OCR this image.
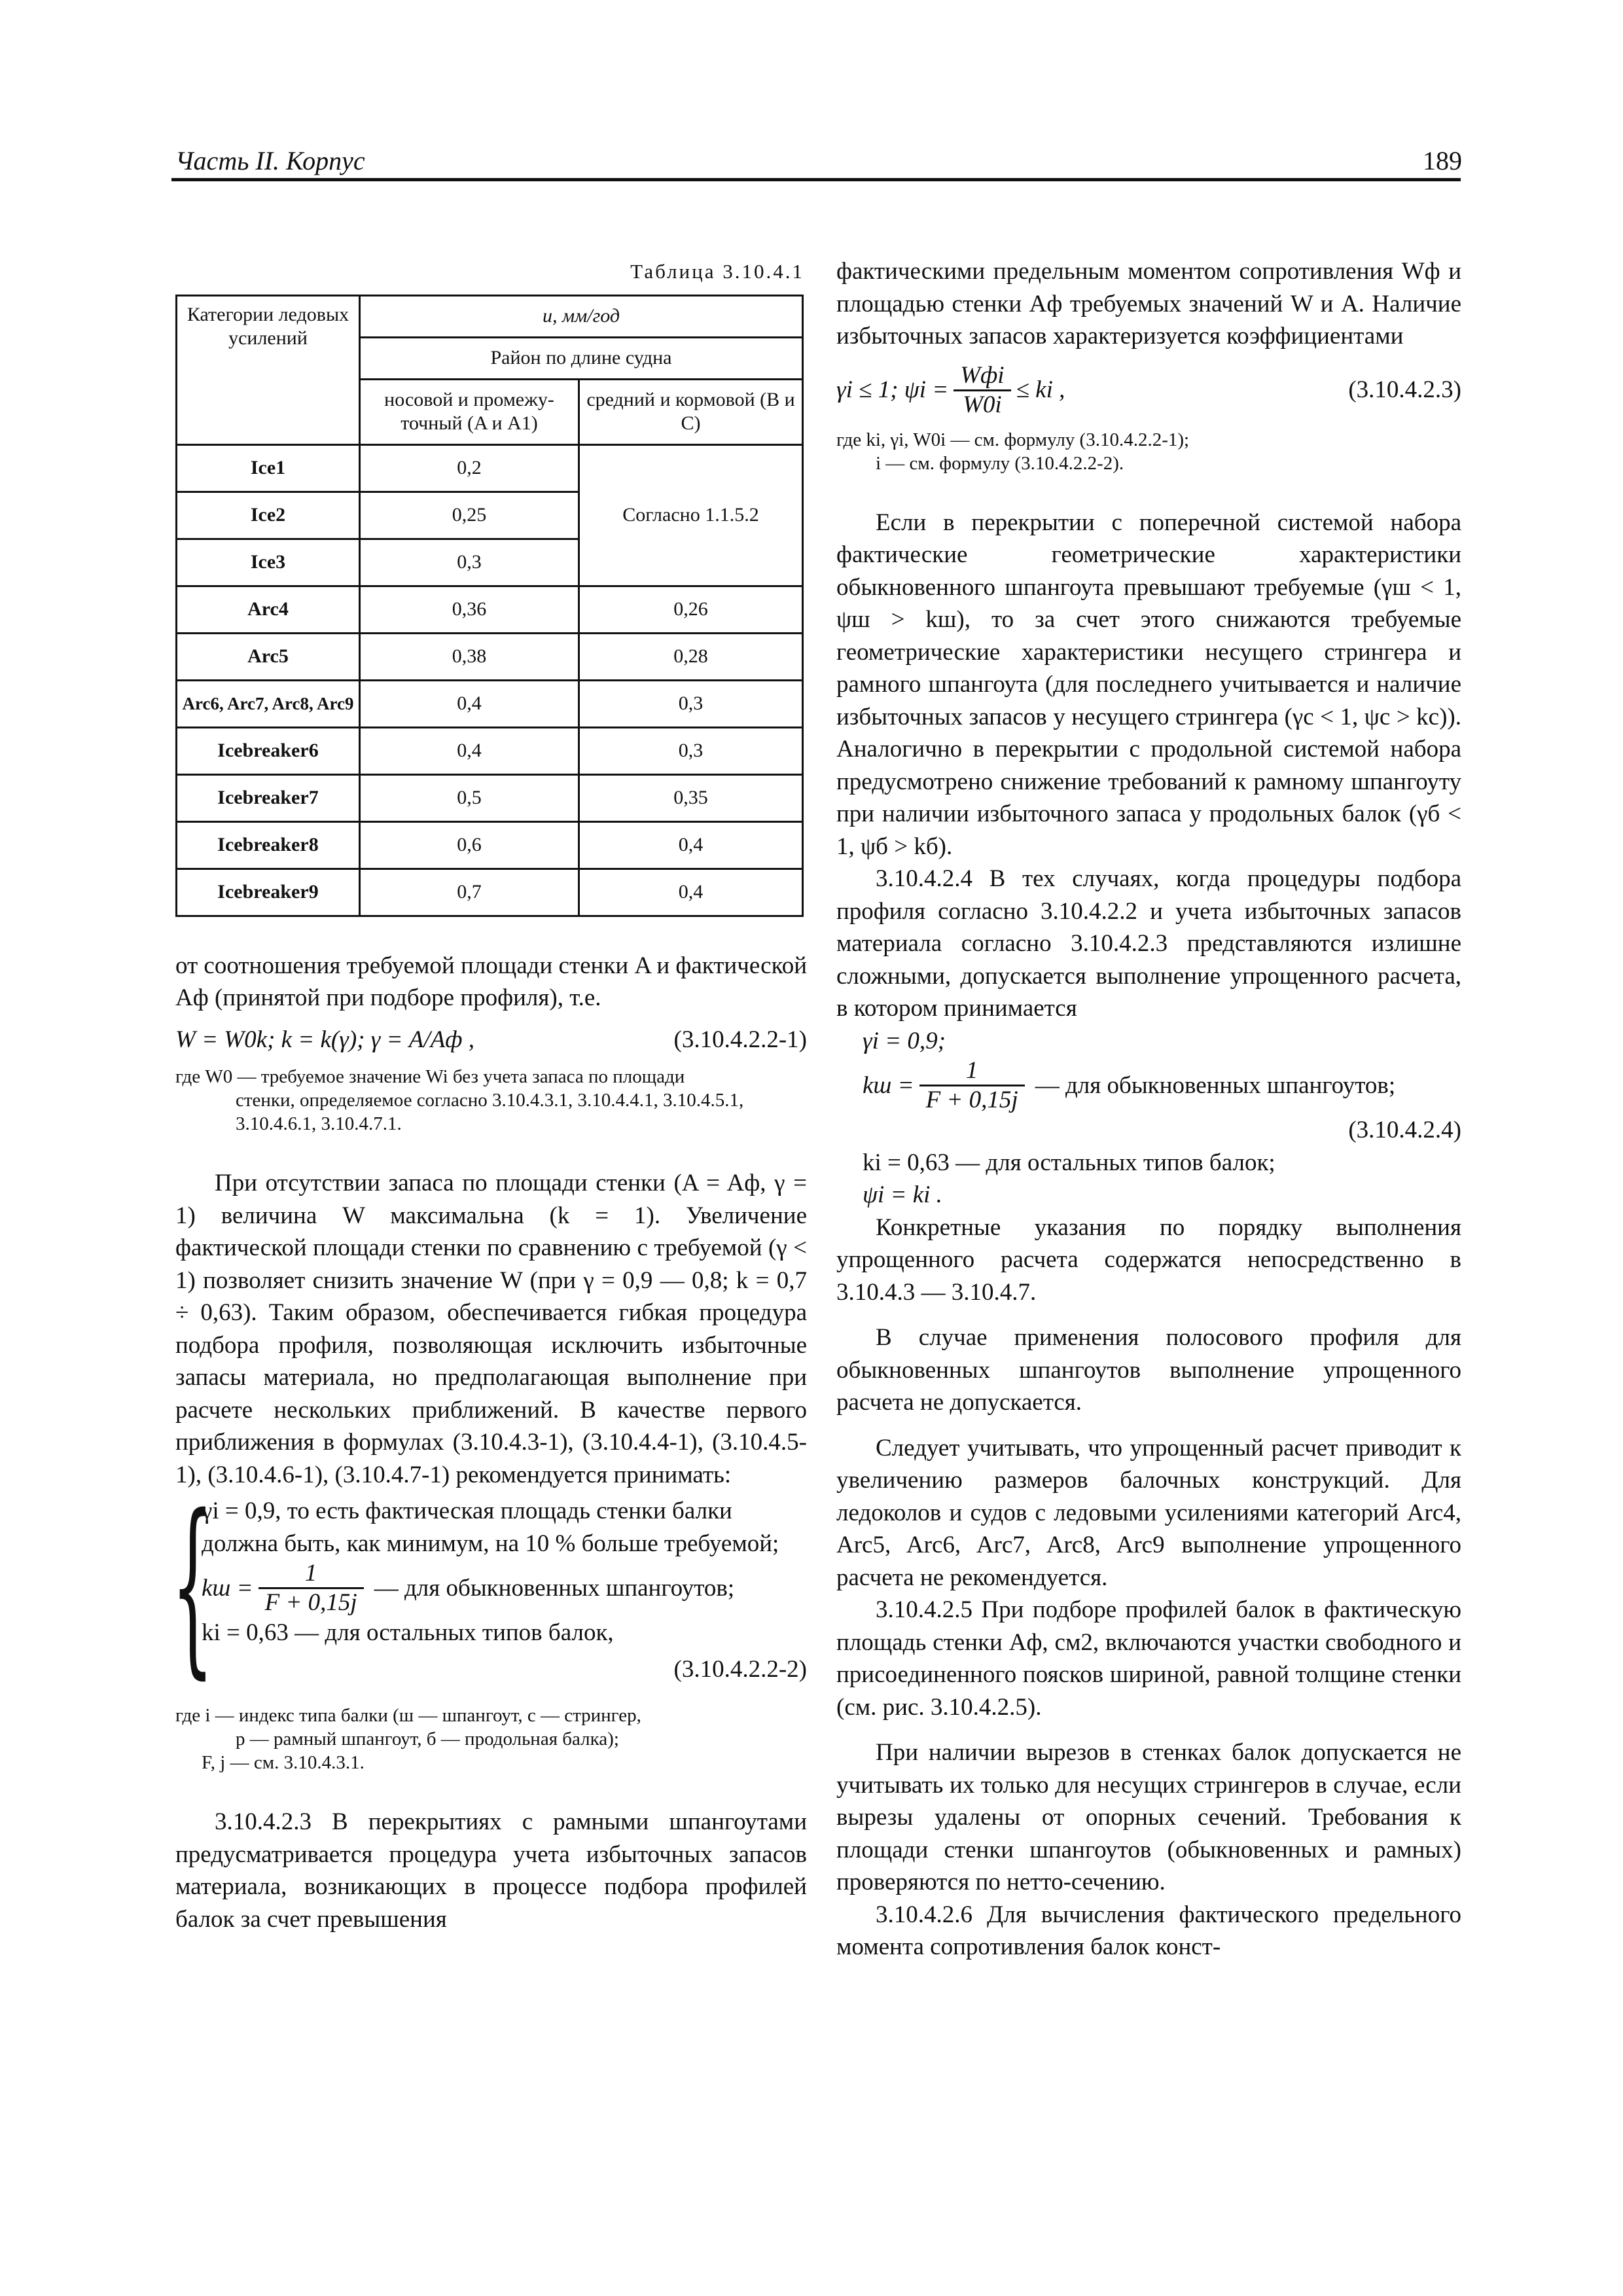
Часть II. Корпус	189

Таблица 3.10.4.1

Категории ледовых усилений	u, мм/год	
	Район по длине судна	
	носовой и промежу-точный (A и A1)	средний и кормовой (B и C)
Ice1	0,2	Согласно 1.1.5.2
Ice2	0,25	
Ice3	0,3	
Arc4	0,36	0,26
Arc5	0,38	0,28
Arc6, Arc7, Arc8, Arc9	0,4	0,3
Icebreaker6	0,4	0,3
Icebreaker7	0,5	0,35
Icebreaker8	0,6	0,4
Icebreaker9	0,7	0,4

от соотношения требуемой площади стенки A и фактической Aф (принятой при подборе профиля), т.е.

W = W0k; k = k(γ); γ = A/Aф ,	(3.10.4.2.2-1)

где W0 — требуемое значение Wi без учета запаса по площади
стенки, определяемое согласно 3.10.4.3.1, 3.10.4.4.1, 3.10.4.5.1, 3.10.4.6.1, 3.10.4.7.1.

При отсутствии запаса по площади стенки (A = Aф, γ = 1) величина W максимальна (k = 1). Увеличение фактической площади стенки по сравнению с требуемой (γ < 1) позволяет снизить значение W (при γ = 0,9 — 0,8; k = 0,7 ÷ 0,63). Таким образом, обеспечивается гибкая процедура подбора профиля, позволяющая исключить избыточные запасы материала, но предполагающая выполнение при расчете нескольких приближений. В качестве первого приближения в формулах (3.10.4.3-1), (3.10.4.4-1), (3.10.4.5-1), (3.10.4.6-1), (3.10.4.7-1) рекомендуется принимать:

{

γi = 0,9, то есть фактическая площадь стенки балки должна быть, как минимум, на 10 % больше требуемой;

kш = $\frac{1}{F + 0,15j}$ — для обыкновенных шпангоутов;

ki = 0,63 — для остальных типов балок,

(3.10.4.2.2-2)

где i — индекс типа балки (ш — шпангоут, с — стрингер,
р — рамный шпангоут, б — продольная балка);
F, j — см. 3.10.4.3.1.

3.10.4.2.3 В перекрытиях с рамными шпангоутами предусматривается процедура учета избыточных запасов материала, возникающих в процессе подбора профилей балок за счет превышения

фактическими предельным моментом сопротивления Wф и площадью стенки Aф требуемых значений W и A. Наличие избыточных запасов характеризуется коэффициентами

γi ≤ 1; $\psi i = \frac{\text{Wфi}}{W0i}$ ≤ ki ,	(3.10.4.2.3)

где ki, γi, W0i — см. формулу (3.10.4.2.2-1);
i — см. формулу (3.10.4.2.2-2).

Если в перекрытии с поперечной системой набора фактические геометрические характеристики обыкновенного шпангоута превышают требуемые (γш < 1, ψш > kш), то за счет этого снижаются требуемые геометрические характеристики несущего стрингера и рамного шпангоута (для последнего учитывается и наличие избыточных запасов у несущего стрингера (γс < 1, ψс > kс)). Аналогично в перекрытии с продольной системой набора предусмотрено снижение требований к рамному шпангоуту при наличии избыточного запаса у продольных балок (γб < 1, ψб > kб).

3.10.4.2.4 В тех случаях, когда процедуры подбора профиля согласно 3.10.4.2.2 и учета избыточных запасов материала согласно 3.10.4.2.3 представляются излишне сложными, допускается выполнение упрощенного расчета, в котором принимается

γi = 0,9;

kш = $\frac{1}{F + 0,15j}$ — для обыкновенных шпангоутов;

(3.10.4.2.4)

ki = 0,63 — для остальных типов балок;

ψi = ki .

Конкретные указания по порядку выполнения упрощенного расчета содержатся непосредственно в 3.10.4.3 — 3.10.4.7.

В случае применения полосового профиля для обыкновенных шпангоутов выполнение упрощенного расчета не допускается.

Следует учитывать, что упрощенный расчет приводит к увеличению размеров балочных конструкций. Для ледоколов и судов с ледовыми усилениями категорий Arc4, Arc5, Arc6, Arc7, Arc8, Arc9 выполнение упрощенного расчета не рекомендуется.

3.10.4.2.5 При подборе профилей балок в фактическую площадь стенки Aф, см2, включаются участки свободного и присоединенного поясков шириной, равной толщине стенки (см. рис. 3.10.4.2.5).

При наличии вырезов в стенках балок допускается не учитывать их только для несущих стрингеров в случае, если вырезы удалены от опорных сечений. Требования к площади стенки шпангоутов (обыкновенных и рамных) проверяются по нетто-сечению.

3.10.4.2.6 Для вычисления фактического предельного момента сопротивления балок конст-
